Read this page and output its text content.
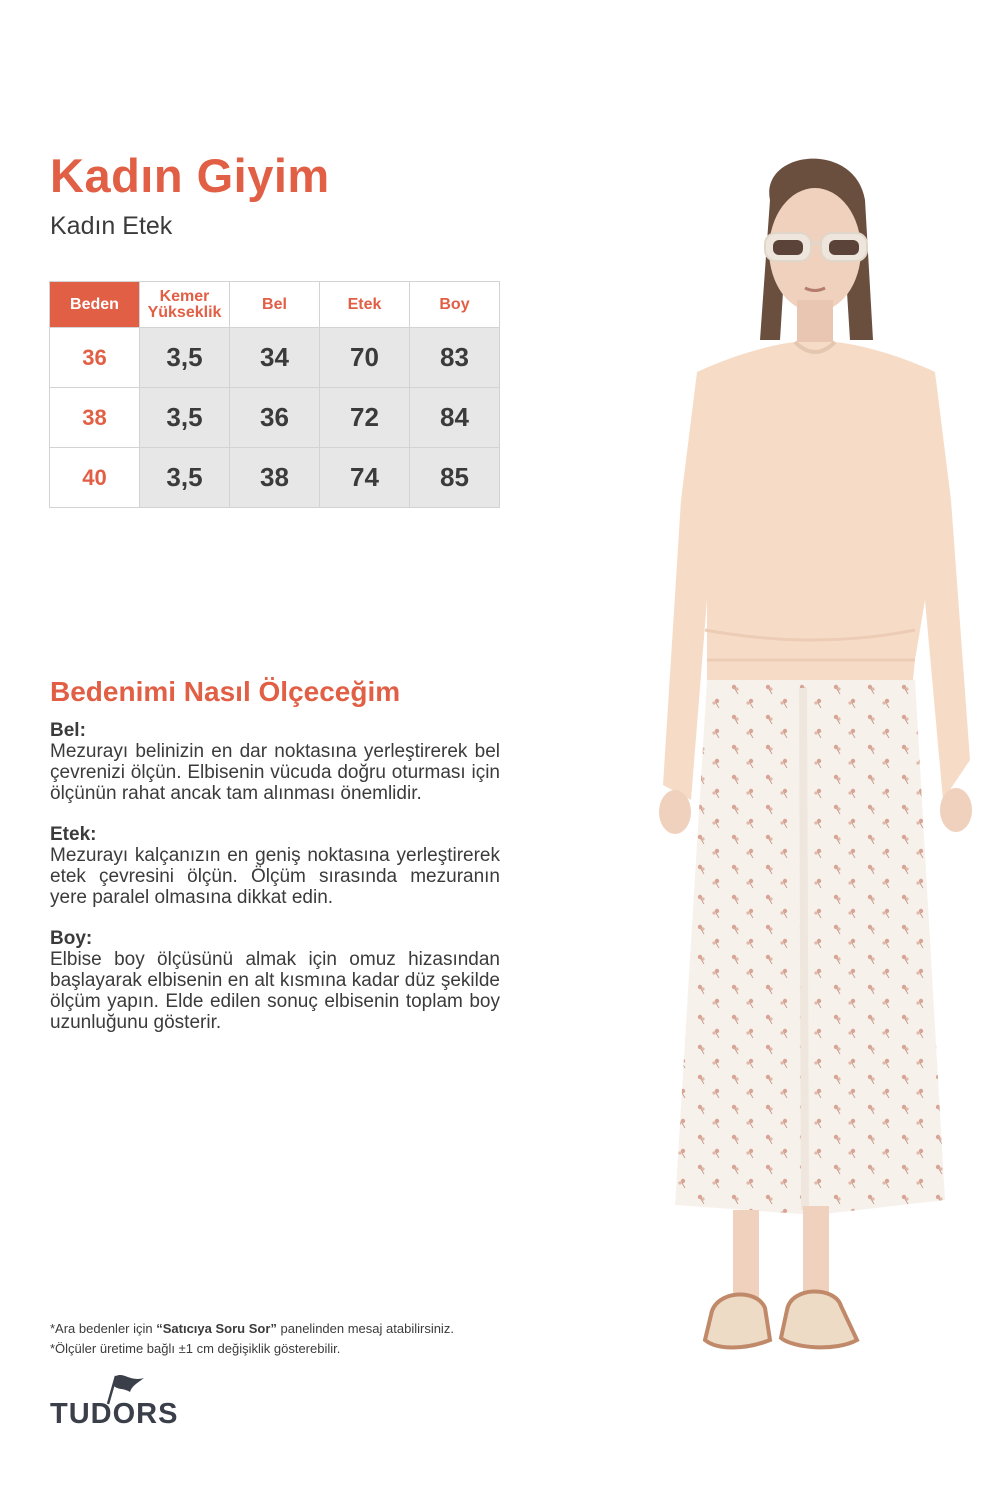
Kadın Giyim
Kadın Etek
Beden	Kemer Yükseklik	Bel	Etek	Boy
36	3,5	34	70	83
38	3,5	36	72	84
40	3,5	38	74	85
Bedenimi Nasıl Ölçeceğim
Bel:
Mezurayı belinizin en dar noktasına yerleştirerek bel çevrenizi ölçün. Elbisenin vücuda doğru oturması için ölçünün rahat ancak tam alınması önemlidir.
Etek:
Mezurayı kalçanızın en geniş noktasına yerleştirerek etek çevresini ölçün. Ölçüm sırasında mezuranın yere paralel olmasına dikkat edin.
Boy:
Elbise boy ölçüsünü almak için omuz hizasından başlayarak elbisenin en alt kısmına kadar düz şekilde ölçüm yapın. Elde edilen sonuç elbisenin toplam boy uzunluğunu gösterir.
*Ara bedenler için “Satıcıya Soru Sor” panelinden mesaj atabilirsiniz.
*Ölçüler üretime bağlı ±1 cm değişiklik gösterebilir.
TUDORS
